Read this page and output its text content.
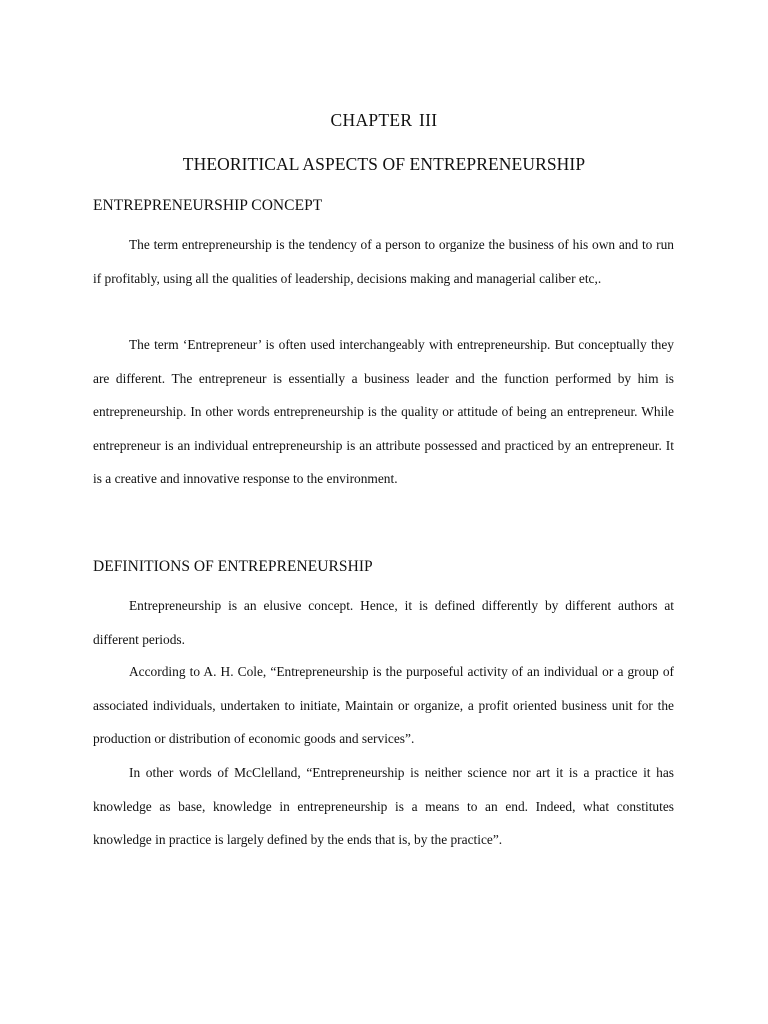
CHAPTER III
THEORITICAL ASPECTS OF ENTREPRENEURSHIP
ENTREPRENEURSHIP CONCEPT

The term entrepreneurship is the tendency of a person to organize the business of his own and to run if profitably, using all the qualities of leadership, decisions making and managerial caliber etc,.

The term ‘Entrepreneur’ is often used interchangeably with entrepreneurship. But conceptually they are different. The entrepreneur is essentially a business leader and the function performed by him is entrepreneurship. In other words entrepreneurship is the quality or attitude of being an entrepreneur. While entrepreneur is an individual entrepreneurship is an attribute possessed and practiced by an entrepreneur. It is a creative and innovative response to the environment.

DEFINITIONS OF ENTREPRENEURSHIP

Entrepreneurship is an elusive concept. Hence, it is defined differently by different authors at different periods.

According to A. H. Cole, “Entrepreneurship is the purposeful activity of an individual or a group of associated individuals, undertaken to initiate, Maintain or organize, a profit oriented business unit for the production or distribution of economic goods and services”.

In other words of McClelland, “Entrepreneurship is neither science nor art it is a practice it has knowledge as base, knowledge in entrepreneurship is a means to an end. Indeed, what constitutes knowledge in practice is largely defined by the ends that is, by the practice”.
